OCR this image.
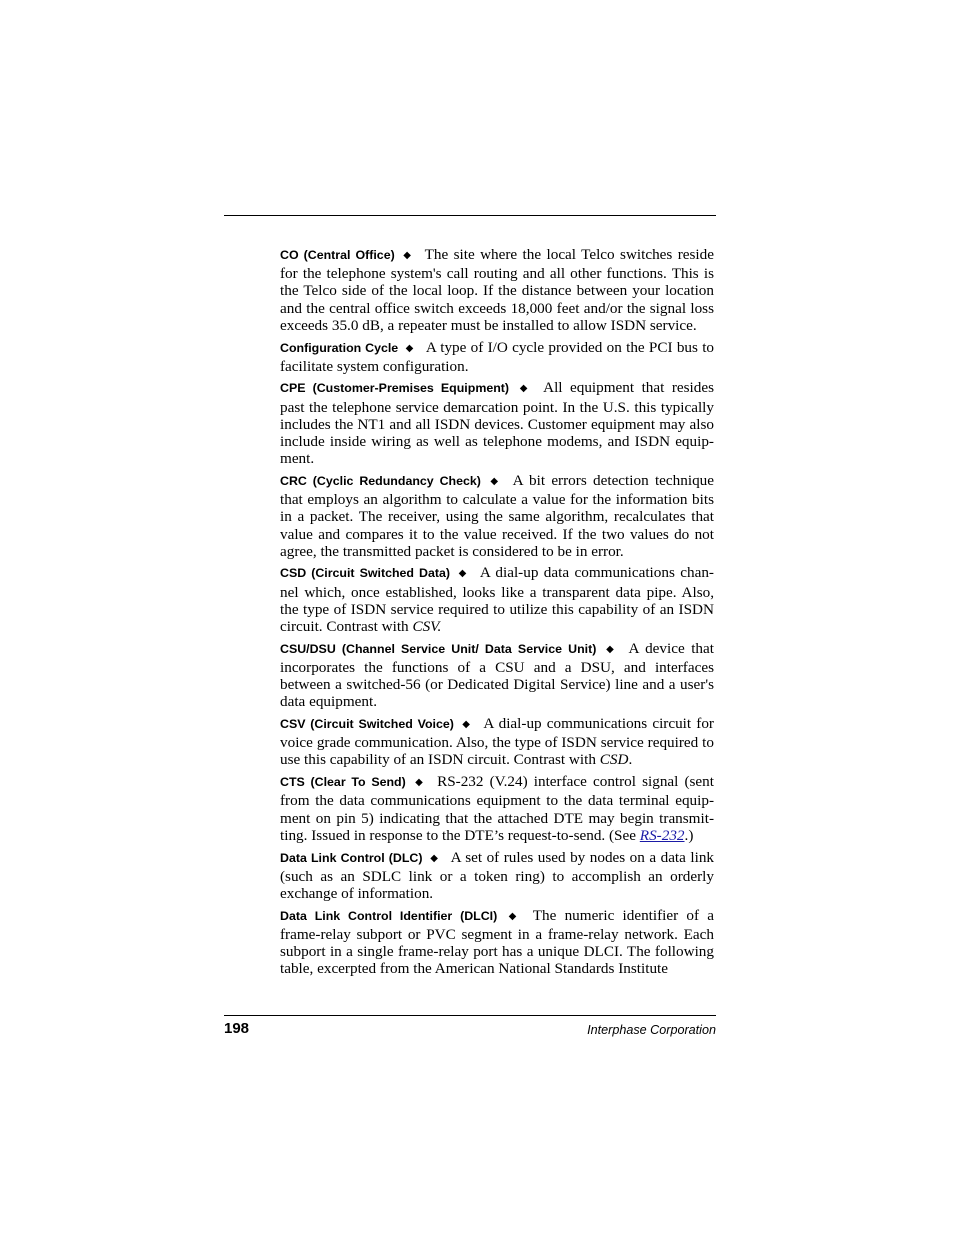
CO (Central Office) ◆ The site where the local Telco switches reside for the telephone system's call routing and all other functions. This is the Telco side of the local loop. If the distance between your location and the central office switch exceeds 18,000 feet and/or the signal loss exceeds 35.0 dB, a repeater must be installed to allow ISDN service.

Configuration Cycle ◆ A type of I/O cycle provided on the PCI bus to facilitate system configuration.

CPE (Customer-Premises Equipment) ◆ All equipment that resides past the telephone service demarcation point. In the U.S. this typically includes the NT1 and all ISDN devices. Customer equipment may also include inside wiring as well as telephone modems, and ISDN equip-ment.

CRC (Cyclic Redundancy Check) ◆ A bit errors detection technique that employs an algorithm to calculate a value for the information bits in a packet. The receiver, using the same algorithm, recalculates that value and compares it to the value received. If the two values do not agree, the transmitted packet is considered to be in error.

CSD (Circuit Switched Data) ◆ A dial-up data communications chan-nel which, once established, looks like a transparent data pipe. Also, the type of ISDN service required to utilize this capability of an ISDN circuit. Contrast with CSV.

CSU/DSU (Channel Service Unit/ Data Service Unit) ◆ A device that incorporates the functions of a CSU and a DSU, and interfaces between a switched-56 (or Dedicated Digital Service) line and a user's data equipment.

CSV (Circuit Switched Voice) ◆ A dial-up communications circuit for voice grade communication. Also, the type of ISDN service required to use this capability of an ISDN circuit. Contrast with CSD.

CTS (Clear To Send) ◆ RS-232 (V.24) interface control signal (sent from the data communications equipment to the data terminal equip-ment on pin 5) indicating that the attached DTE may begin transmit-ting. Issued in response to the DTE’s request-to-send. (See RS-232.)

Data Link Control (DLC) ◆ A set of rules used by nodes on a data link (such as an SDLC link or a token ring) to accomplish an orderly exchange of information.

Data Link Control Identifier (DLCI) ◆ The numeric identifier of a frame-relay subport or PVC segment in a frame-relay network. Each subport in a single frame-relay port has a unique DLCI. The following table, excerpted from the American National Standards Institute

198	Interphase Corporation
